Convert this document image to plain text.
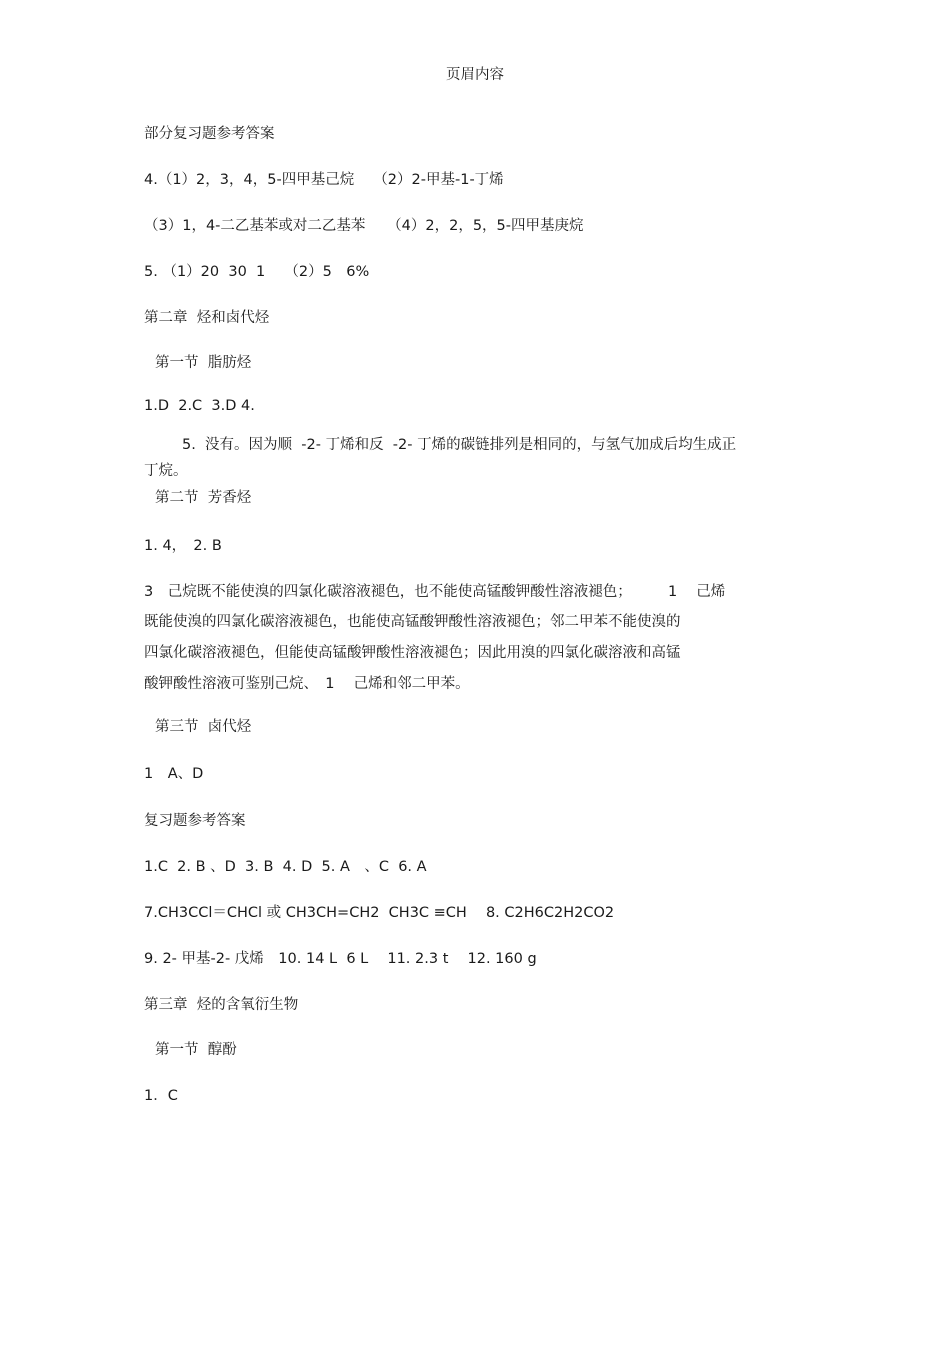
页眉内容
部分复习题参考答案
4.（1）2，3，4，5-四甲基己烷　 （2）2-甲基-1-丁烯
（3）1，4-二乙基苯或对二乙基苯　　（4）2，2，5，5-四甲基庚烷
5. （1）20  30  1　 （2）5　6%
第二章  烃和卤代烃
第一节  脂肪烃
1.D  2.C  3.D 4.
5.  没有。因为顺  -2- 丁烯和反  -2- 丁烯的碳链排列是相同的，与氢气加成后均生成正
丁烷。
第二节  芳香烃
1. 4，　2. B
3　己烷既不能使溴的四氯化碳溶液褪色，也不能使高锰酸钾酸性溶液褪色；　　　1　 己烯
既能使溴的四氯化碳溶液褪色，也能使高锰酸钾酸性溶液褪色；邻二甲苯不能使溴的
四氯化碳溶液褪色，但能使高锰酸钾酸性溶液褪色；因此用溴的四氯化碳溶液和高锰
酸钾酸性溶液可鉴别己烷、　1　 己烯和邻二甲苯。
第三节  卤代烃
1　A、D
复习题参考答案
1.C  2. B 、D  3. B  4. D  5. A　、C  6. A
7.CH3CCl＝CHCl 或 CH3CH=CH2  CH3C ≡CH　 8. C2H6C2H2CO2
9. 2- 甲基-2- 戊烯　10. 14 L  6 L　 11. 2.3 t　 12. 160 g
第三章  烃的含氧衍生物
第一节  醇酚
1．C
